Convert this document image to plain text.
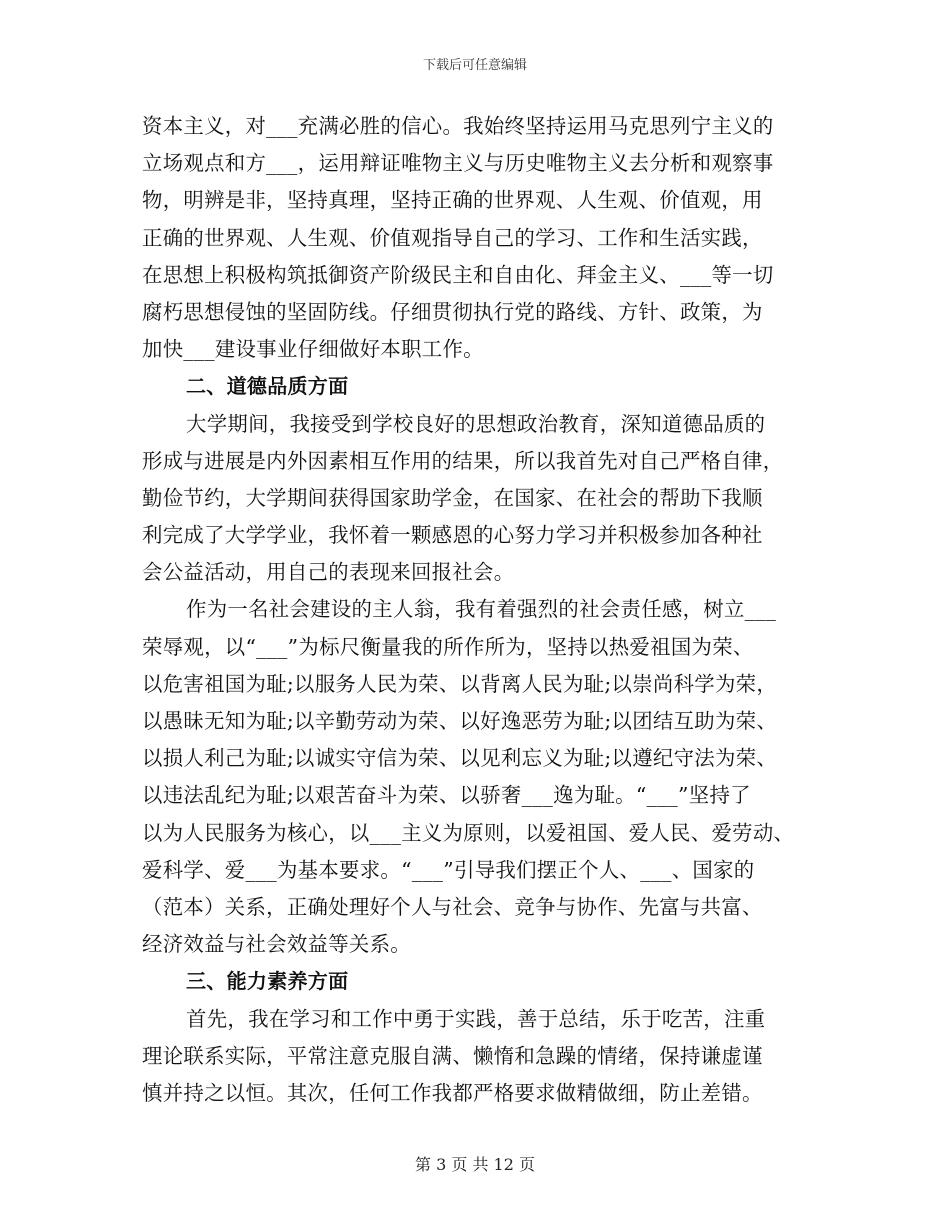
下载后可任意编辑
资本主义，对___充满必胜的信心。我始终坚持运用马克思列宁主义的
立场观点和方___，运用辩证唯物主义与历史唯物主义去分析和观察事
物，明辨是非，坚持真理，坚持正确的世界观、人生观、价值观，用
正确的世界观、人生观、价值观指导自己的学习、工作和生活实践，
在思想上积极构筑抵御资产阶级民主和自由化、拜金主义、___等一切
腐朽思想侵蚀的坚固防线。仔细贯彻执行党的路线、方针、政策，为
加快___建设事业仔细做好本职工作。
二、道德品质方面
大学期间，我接受到学校良好的思想政治教育，深知道德品质的
形成与进展是内外因素相互作用的结果，所以我首先对自己严格自律，
勤俭节约，大学期间获得国家助学金，在国家、在社会的帮助下我顺
利完成了大学学业，我怀着一颗感恩的心努力学习并积极参加各种社
会公益活动，用自己的表现来回报社会。
作为一名社会建设的主人翁，我有着强烈的社会责任感，树立___
荣辱观，以“___”为标尺衡量我的所作所为，坚持以热爱祖国为荣、
以危害祖国为耻;以服务人民为荣、以背离人民为耻;以崇尚科学为荣，
以愚昧无知为耻;以辛勤劳动为荣、以好逸恶劳为耻;以团结互助为荣、
以损人利己为耻;以诚实守信为荣、以见利忘义为耻;以遵纪守法为荣、
以违法乱纪为耻;以艰苦奋斗为荣、以骄奢___逸为耻。“___”坚持了
以为人民服务为核心，以___主义为原则，以爱祖国、爱人民、爱劳动、
爱科学、爱___为基本要求。“___”引导我们摆正个人、___、国家的
（范本）关系，正确处理好个人与社会、竞争与协作、先富与共富、
经济效益与社会效益等关系。
三、能力素养方面
首先，我在学习和工作中勇于实践，善于总结，乐于吃苦，注重
理论联系实际，平常注意克服自满、懒惰和急躁的情绪，保持谦虚谨
慎并持之以恒。其次，任何工作我都严格要求做精做细，防止差错。
第 3 页 共 12 页
